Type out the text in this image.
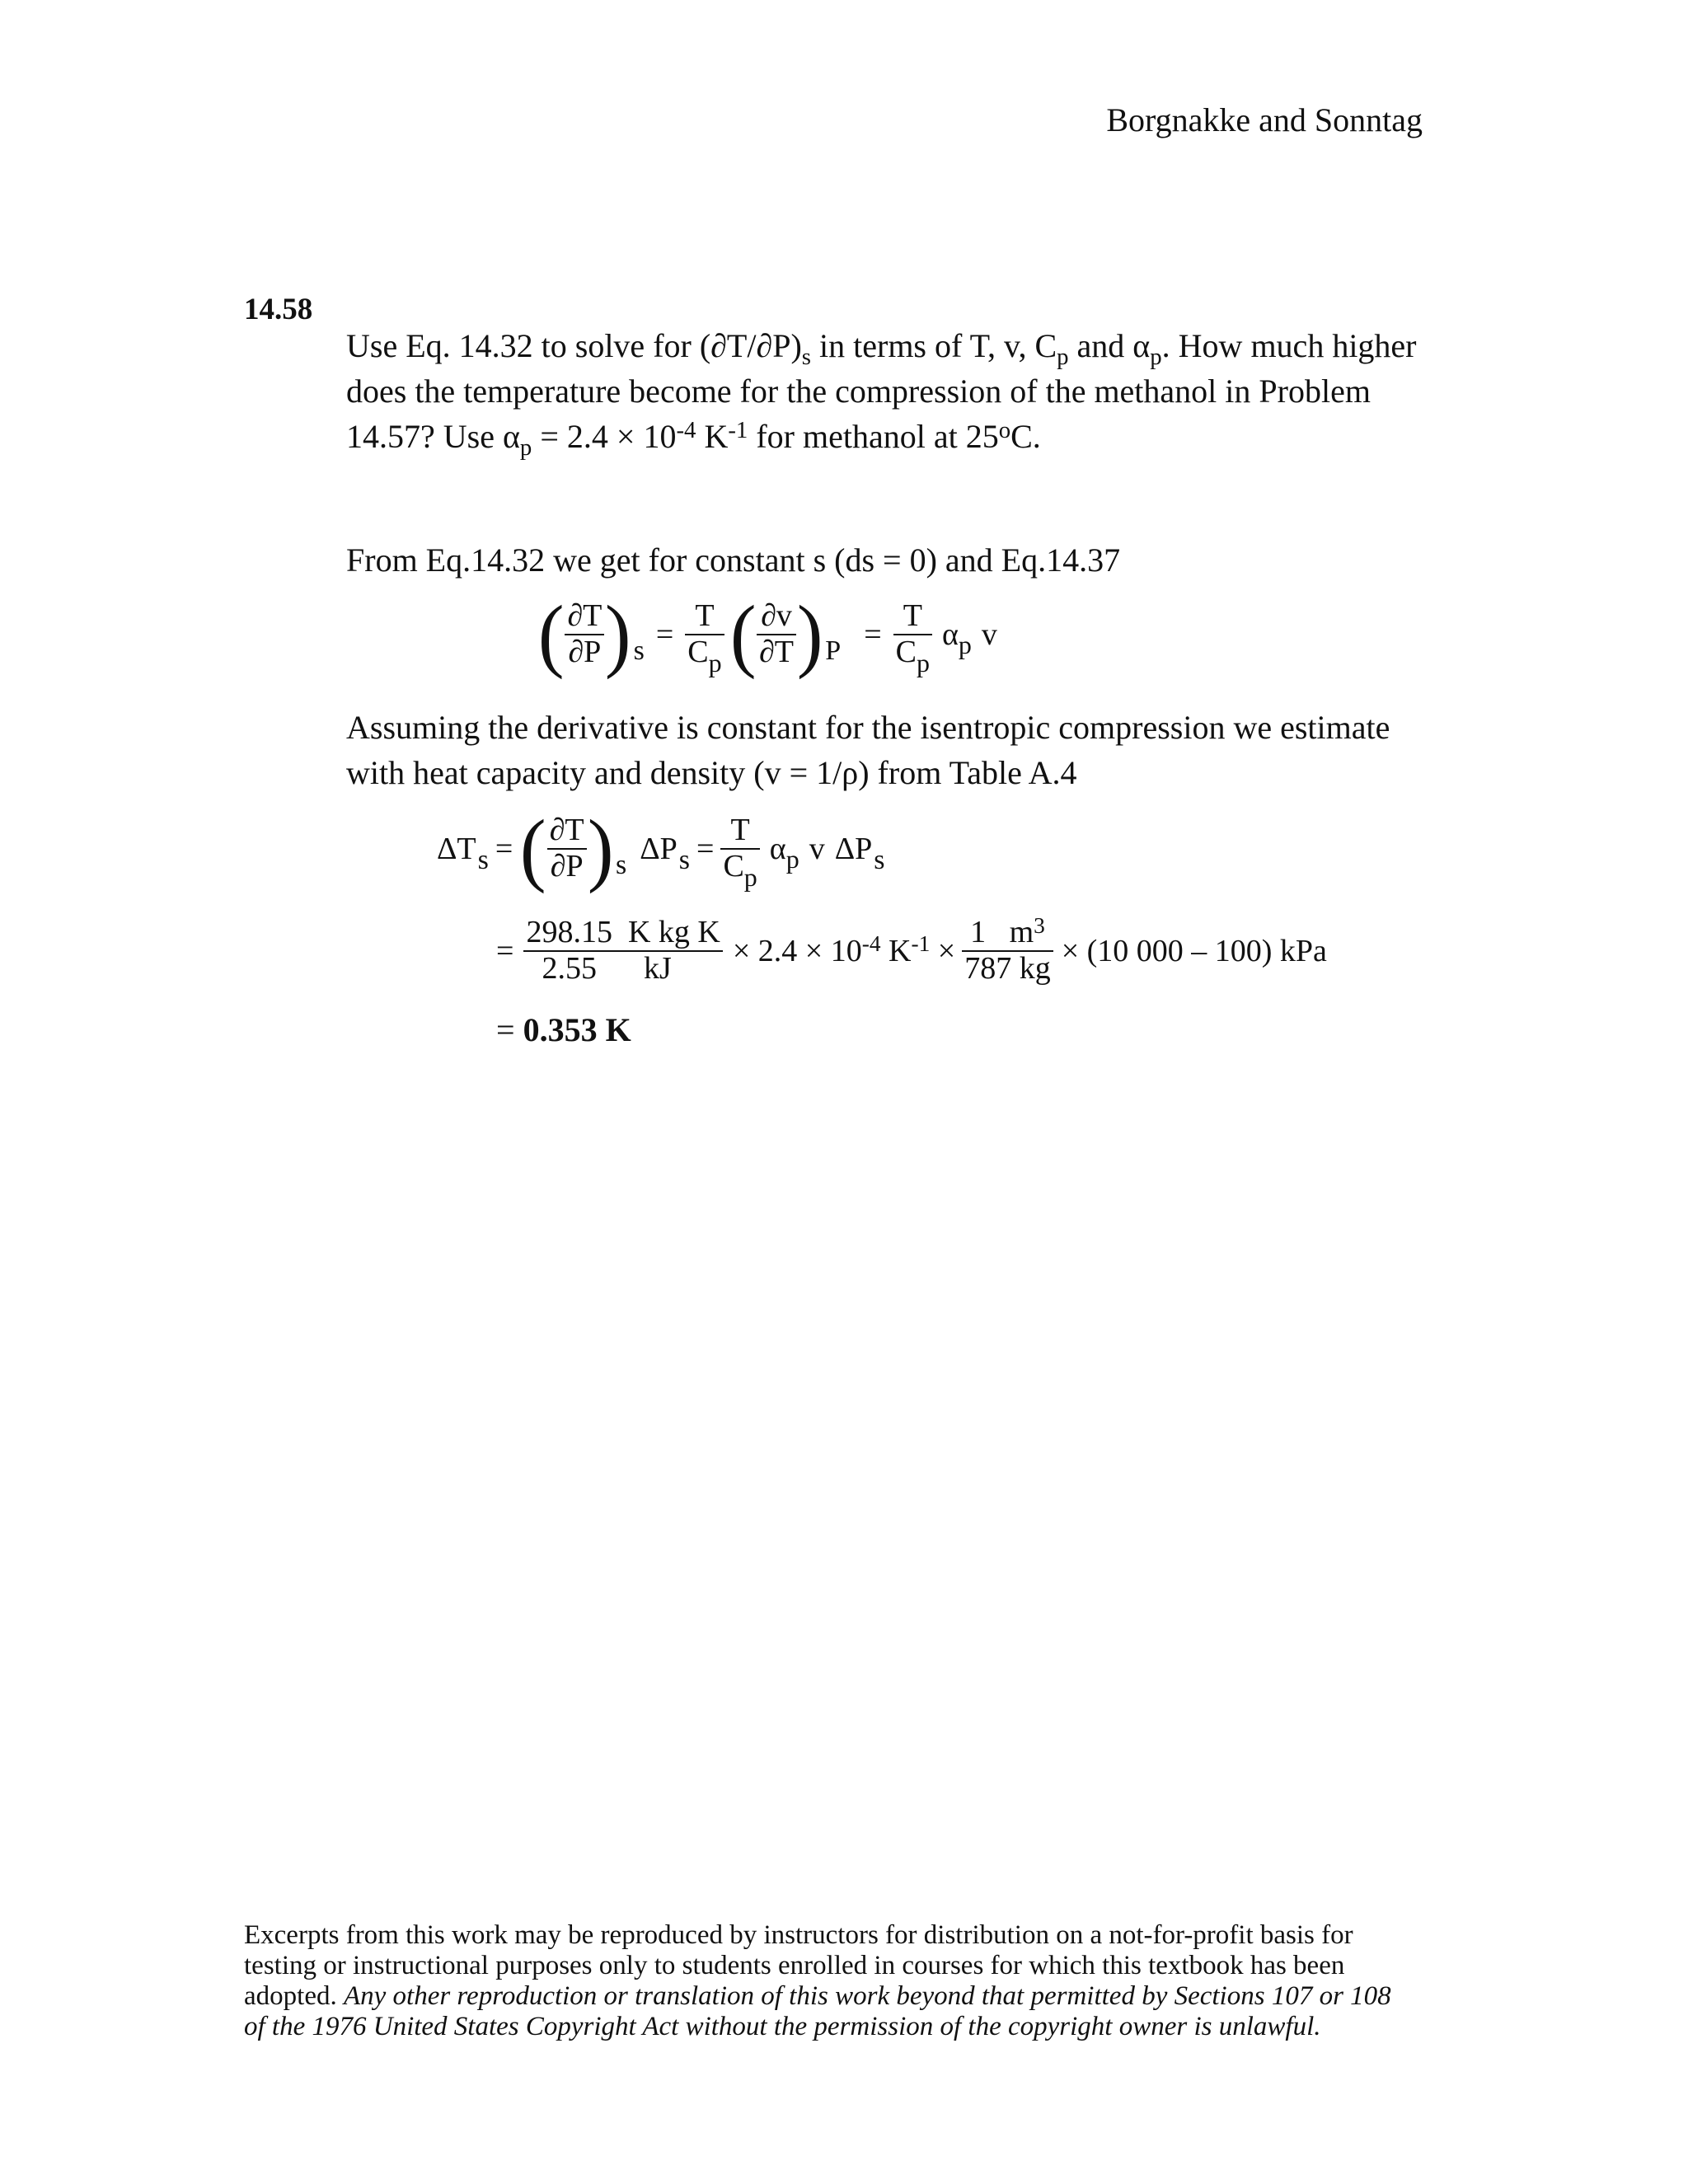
Borgnakke and Sonntag
14.58
Use Eq. 14.32 to solve for $(\partial T/\partial P)_s$ in terms of T, v, $C_p$ and $\alpha_p$. How much higher
does the temperature become for the compression of the methanol in Problem
14.57? Use $\alpha_p = 2.4 \times 10^{-4}$ $K^{-1}$ for methanol at 25$^o$C.
From Eq.14.32 we get for constant s (ds = 0) and Eq.14.37
( $\frac{\partial T}{\partial P}$ ) $s = \frac{T}{C_p}$ ( $\frac{\partial v}{\partial T}$ ) $P = \frac{T}{C_p}$ α p v
Assuming the derivative is constant for the isentropic compression we estimate
with heat capacity and density (v = 1/ρ) from Table A.4
ΔT s = ( $\frac{\partial T}{\partial P}$ ) s ΔP $s = \frac{T}{C_p}$ α p v ΔP s
= $\frac{\text{298.15  K kg K}}{2.55 kJ} \times 2.4 \times 10^{-4}$ $K^{-1} \times \frac{1 m^3}{787 kg} \times (10$ 000 – 100) kPa
= 0.353 K
Excerpts from this work may be reproduced by instructors for distribution on a not-for-profit basis for
testing or instructional purposes only to students enrolled in courses for which this textbook has been
adopted. Any other reproduction or translation of this work beyond that permitted by Sections 107 or 108
of the 1976 United States Copyright Act without the permission of the copyright owner is unlawful.
